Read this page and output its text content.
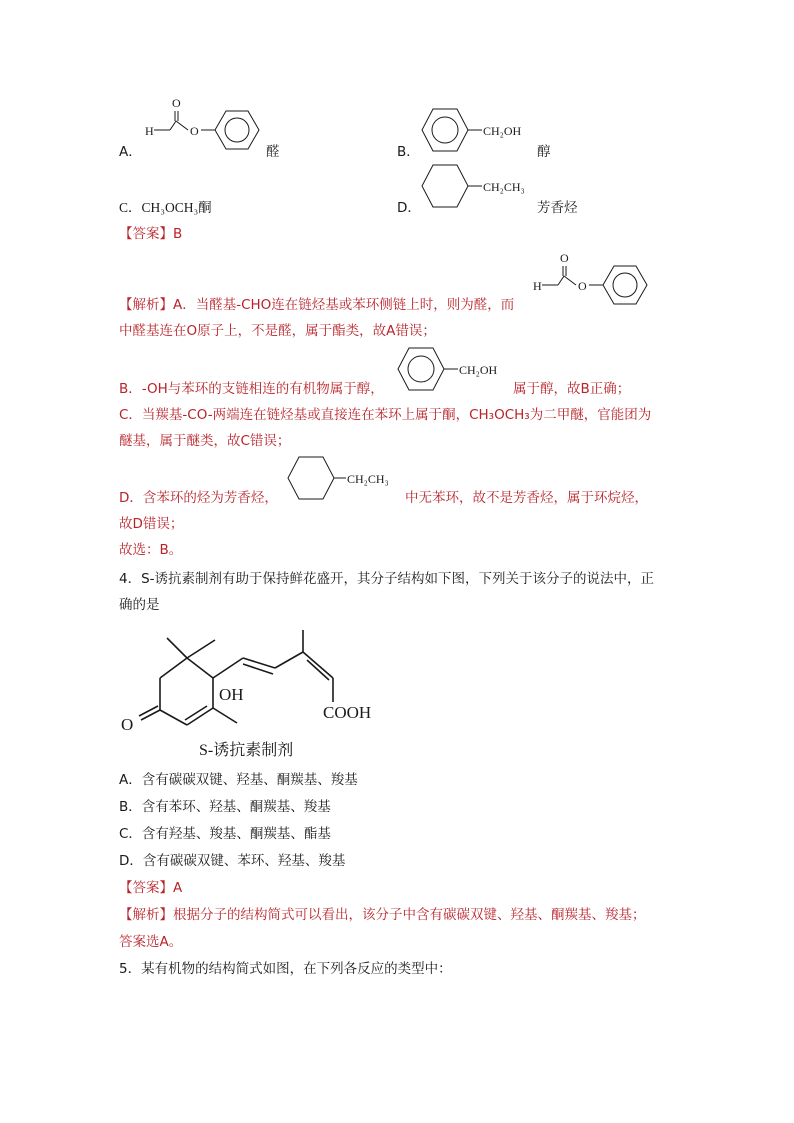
A．
O
H	O
醛	B．
CH₂OH
醇
C．CH₃OCH₃酮	D．
CH₂CH₃
芳香烃
【答案】B
【解析】A．当醛基-CHO连在链烃基或苯环侧链上时，则为醛，而
O
H	O
中醛基连在O原子上，不是醛，属于酯类，故A错误；
B．-OH与苯环的支链相连的有机物属于醇，
CH₂OH
属于醇，故B正确；
C．当羰基-CO-两端连在链烃基或直接连在苯环上属于酮，CH₃OCH₃为二甲醚，官能团为
醚基，属于醚类，故C错误；
D．含苯环的烃为芳香烃，
CH₂CH₃
中无苯环，故不是芳香烃，属于环烷烃，
故D错误；
故选：B。
4．S-诱抗素制剂有助于保持鲜花盛开，其分子结构如下图，下列关于该分子的说法中，正
确的是
O
OH
COOH
S-诱抗素制剂
A．含有碳碳双键、羟基、酮羰基、羧基
B．含有苯环、羟基、酮羰基、羧基
C．含有羟基、羧基、酮羰基、酯基
D．含有碳碳双键、苯环、羟基、羧基
【答案】A
【解析】根据分子的结构简式可以看出，该分子中含有碳碳双键、羟基、酮羰基、羧基；
答案选A。
5．某有机物的结构简式如图，在下列各反应的类型中：
